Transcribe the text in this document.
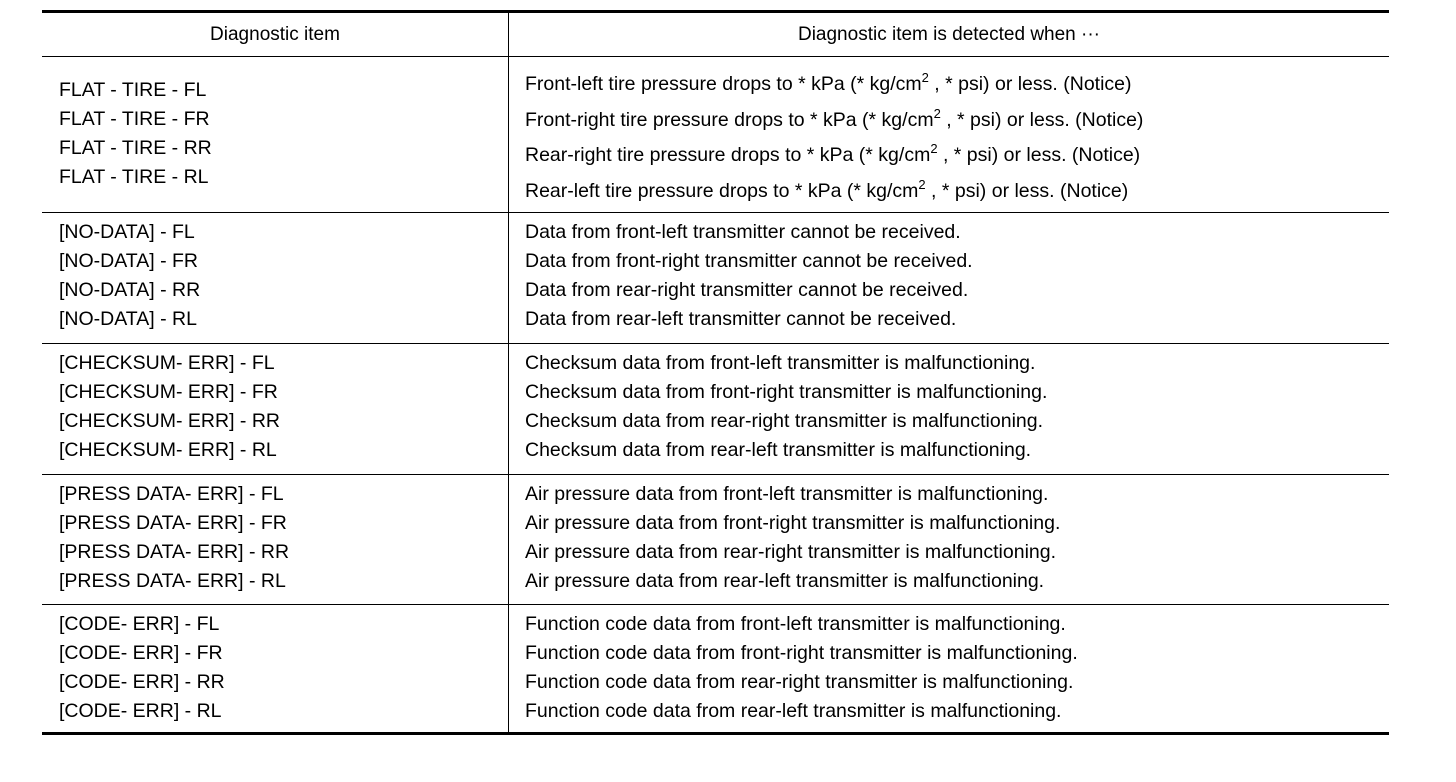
Diagnostic item	Diagnostic item is detected when ···
FLAT - TIRE - FL
FLAT - TIRE - FR
FLAT - TIRE - RR
FLAT - TIRE - RL
Front-left tire pressure drops to * kPa (* $kg/cm^2$ , * psi) or less. (Notice)
Front-right tire pressure drops to * kPa (* $kg/cm^2$ , * psi) or less. (Notice)
Rear-right tire pressure drops to * kPa (* $kg/cm^2$ , * psi) or less. (Notice)
Rear-left tire pressure drops to * kPa (* $kg/cm^2$ , * psi) or less. (Notice)
[NO-DATA] - FL
[NO-DATA] - FR
[NO-DATA] - RR
[NO-DATA] - RL
Data from front-left transmitter cannot be received.
Data from front-right transmitter cannot be received.
Data from rear-right transmitter cannot be received.
Data from rear-left transmitter cannot be received.
[CHECKSUM- ERR] - FL
[CHECKSUM- ERR] - FR
[CHECKSUM- ERR] - RR
[CHECKSUM- ERR] - RL
Checksum data from front-left transmitter is malfunctioning.
Checksum data from front-right transmitter is malfunctioning.
Checksum data from rear-right transmitter is malfunctioning.
Checksum data from rear-left transmitter is malfunctioning.
[PRESS DATA- ERR] - FL
[PRESS DATA- ERR] - FR
[PRESS DATA- ERR] - RR
[PRESS DATA- ERR] - RL
Air pressure data from front-left transmitter is malfunctioning.
Air pressure data from front-right transmitter is malfunctioning.
Air pressure data from rear-right transmitter is malfunctioning.
Air pressure data from rear-left transmitter is malfunctioning.
[CODE- ERR] - FL
[CODE- ERR] - FR
[CODE- ERR] - RR
[CODE- ERR] - RL
Function code data from front-left transmitter is malfunctioning.
Function code data from front-right transmitter is malfunctioning.
Function code data from rear-right transmitter is malfunctioning.
Function code data from rear-left transmitter is malfunctioning.
